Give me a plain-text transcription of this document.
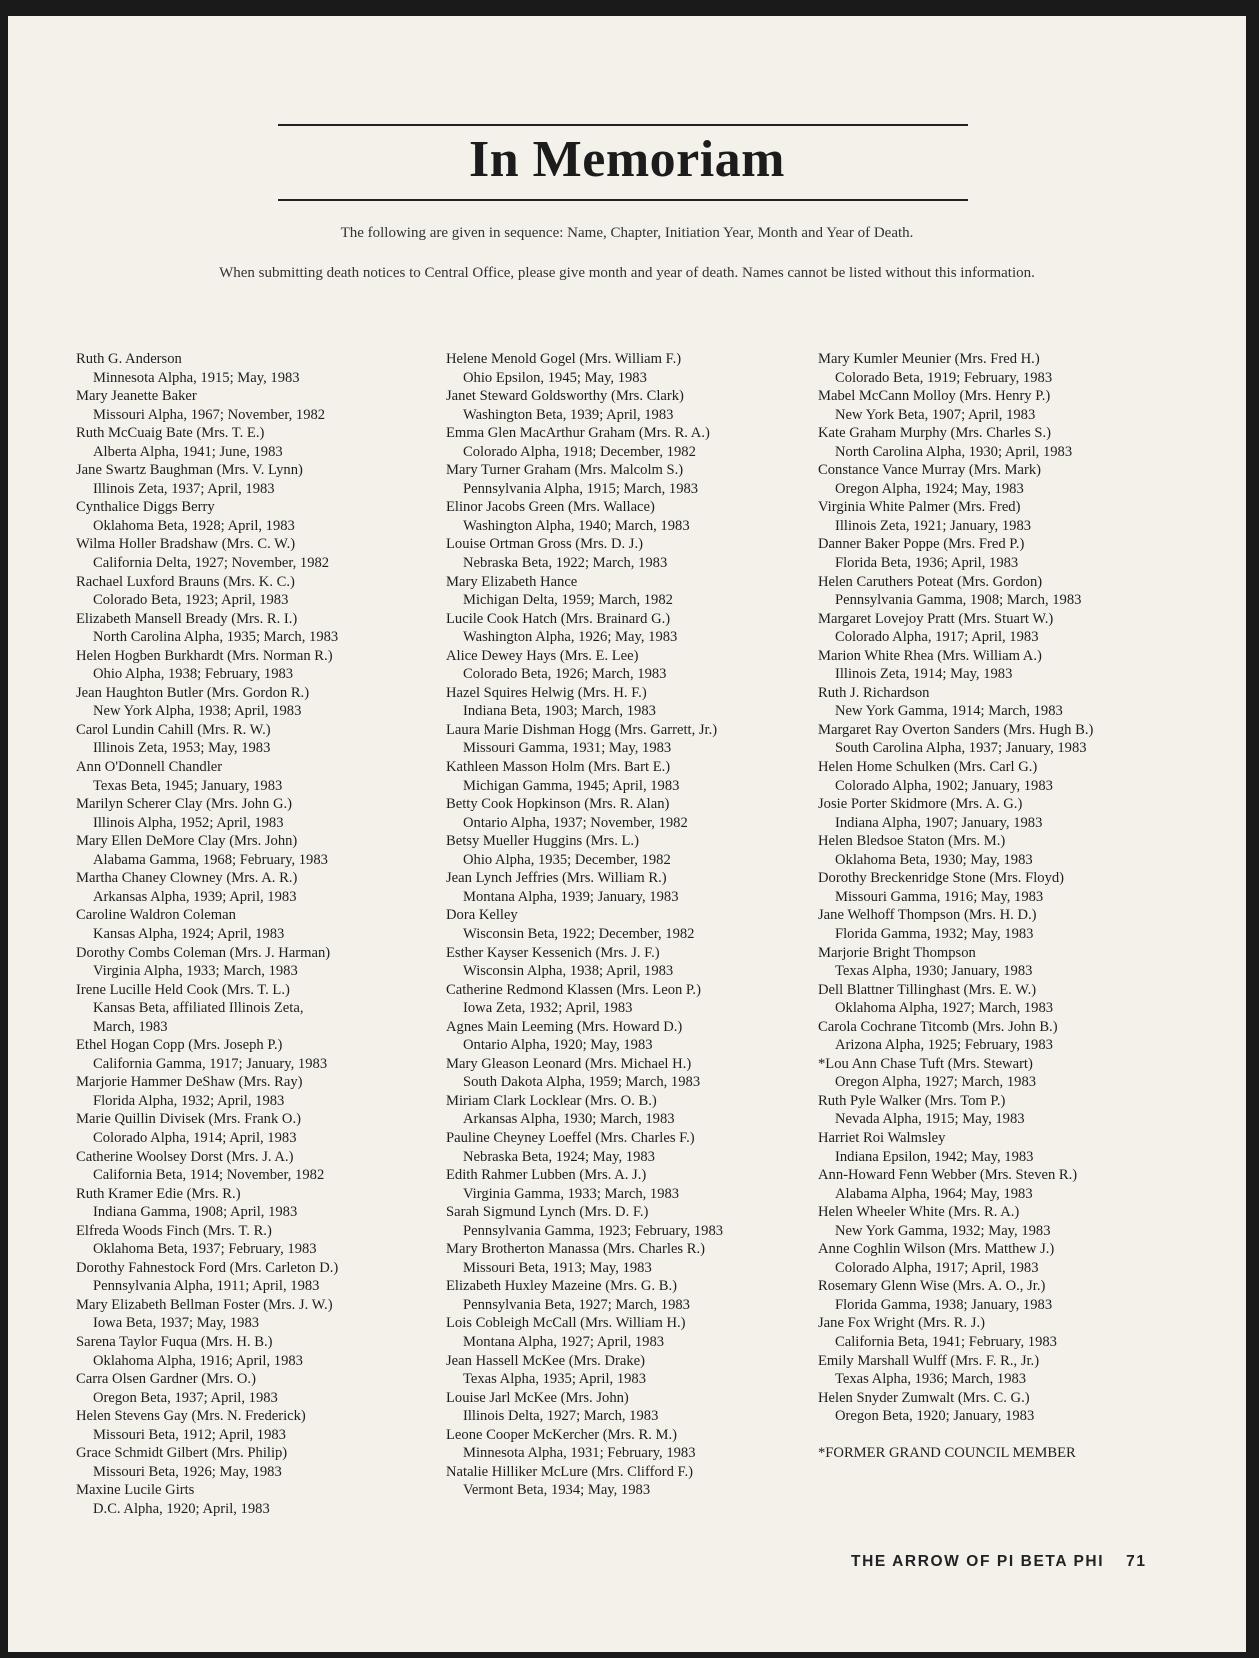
In Memoriam
The following are given in sequence: Name, Chapter, Initiation Year, Month and Year of Death.
When submitting death notices to Central Office, please give month and year of death. Names cannot be listed without this information.
Ruth G. Anderson
Minnesota Alpha, 1915; May, 1983
Mary Jeanette Baker
Missouri Alpha, 1967; November, 1982
Ruth McCuaig Bate (Mrs. T. E.)
Alberta Alpha, 1941; June, 1983
Jane Swartz Baughman (Mrs. V. Lynn)
Illinois Zeta, 1937; April, 1983
Cynthalice Diggs Berry
Oklahoma Beta, 1928; April, 1983
Wilma Holler Bradshaw (Mrs. C. W.)
California Delta, 1927; November, 1982
Rachael Luxford Brauns (Mrs. K. C.)
Colorado Beta, 1923; April, 1983
Elizabeth Mansell Bready (Mrs. R. I.)
North Carolina Alpha, 1935; March, 1983
Helen Hogben Burkhardt (Mrs. Norman R.)
Ohio Alpha, 1938; February, 1983
Jean Haughton Butler (Mrs. Gordon R.)
New York Alpha, 1938; April, 1983
Carol Lundin Cahill (Mrs. R. W.)
Illinois Zeta, 1953; May, 1983
Ann O'Donnell Chandler
Texas Beta, 1945; January, 1983
Marilyn Scherer Clay (Mrs. John G.)
Illinois Alpha, 1952; April, 1983
Mary Ellen DeMore Clay (Mrs. John)
Alabama Gamma, 1968; February, 1983
Martha Chaney Clowney (Mrs. A. R.)
Arkansas Alpha, 1939; April, 1983
Caroline Waldron Coleman
Kansas Alpha, 1924; April, 1983
Dorothy Combs Coleman (Mrs. J. Harman)
Virginia Alpha, 1933; March, 1983
Irene Lucille Held Cook (Mrs. T. L.)
Kansas Beta, affiliated Illinois Zeta,
March, 1983
Ethel Hogan Copp (Mrs. Joseph P.)
California Gamma, 1917; January, 1983
Marjorie Hammer DeShaw (Mrs. Ray)
Florida Alpha, 1932; April, 1983
Marie Quillin Divisek (Mrs. Frank O.)
Colorado Alpha, 1914; April, 1983
Catherine Woolsey Dorst (Mrs. J. A.)
California Beta, 1914; November, 1982
Ruth Kramer Edie (Mrs. R.)
Indiana Gamma, 1908; April, 1983
Elfreda Woods Finch (Mrs. T. R.)
Oklahoma Beta, 1937; February, 1983
Dorothy Fahnestock Ford (Mrs. Carleton D.)
Pennsylvania Alpha, 1911; April, 1983
Mary Elizabeth Bellman Foster (Mrs. J. W.)
Iowa Beta, 1937; May, 1983
Sarena Taylor Fuqua (Mrs. H. B.)
Oklahoma Alpha, 1916; April, 1983
Carra Olsen Gardner (Mrs. O.)
Oregon Beta, 1937; April, 1983
Helen Stevens Gay (Mrs. N. Frederick)
Missouri Beta, 1912; April, 1983
Grace Schmidt Gilbert (Mrs. Philip)
Missouri Beta, 1926; May, 1983
Maxine Lucile Girts
D.C. Alpha, 1920; April, 1983
Helene Menold Gogel (Mrs. William F.)
Ohio Epsilon, 1945; May, 1983
Janet Steward Goldsworthy (Mrs. Clark)
Washington Beta, 1939; April, 1983
Emma Glen MacArthur Graham (Mrs. R. A.)
Colorado Alpha, 1918; December, 1982
Mary Turner Graham (Mrs. Malcolm S.)
Pennsylvania Alpha, 1915; March, 1983
Elinor Jacobs Green (Mrs. Wallace)
Washington Alpha, 1940; March, 1983
Louise Ortman Gross (Mrs. D. J.)
Nebraska Beta, 1922; March, 1983
Mary Elizabeth Hance
Michigan Delta, 1959; March, 1982
Lucile Cook Hatch (Mrs. Brainard G.)
Washington Alpha, 1926; May, 1983
Alice Dewey Hays (Mrs. E. Lee)
Colorado Beta, 1926; March, 1983
Hazel Squires Helwig (Mrs. H. F.)
Indiana Beta, 1903; March, 1983
Laura Marie Dishman Hogg (Mrs. Garrett, Jr.)
Missouri Gamma, 1931; May, 1983
Kathleen Masson Holm (Mrs. Bart E.)
Michigan Gamma, 1945; April, 1983
Betty Cook Hopkinson (Mrs. R. Alan)
Ontario Alpha, 1937; November, 1982
Betsy Mueller Huggins (Mrs. L.)
Ohio Alpha, 1935; December, 1982
Jean Lynch Jeffries (Mrs. William R.)
Montana Alpha, 1939; January, 1983
Dora Kelley
Wisconsin Beta, 1922; December, 1982
Esther Kayser Kessenich (Mrs. J. F.)
Wisconsin Alpha, 1938; April, 1983
Catherine Redmond Klassen (Mrs. Leon P.)
Iowa Zeta, 1932; April, 1983
Agnes Main Leeming (Mrs. Howard D.)
Ontario Alpha, 1920; May, 1983
Mary Gleason Leonard (Mrs. Michael H.)
South Dakota Alpha, 1959; March, 1983
Miriam Clark Locklear (Mrs. O. B.)
Arkansas Alpha, 1930; March, 1983
Pauline Cheyney Loeffel (Mrs. Charles F.)
Nebraska Beta, 1924; May, 1983
Edith Rahmer Lubben (Mrs. A. J.)
Virginia Gamma, 1933; March, 1983
Sarah Sigmund Lynch (Mrs. D. F.)
Pennsylvania Gamma, 1923; February, 1983
Mary Brotherton Manassa (Mrs. Charles R.)
Missouri Beta, 1913; May, 1983
Elizabeth Huxley Mazeine (Mrs. G. B.)
Pennsylvania Beta, 1927; March, 1983
Lois Cobleigh McCall (Mrs. William H.)
Montana Alpha, 1927; April, 1983
Jean Hassell McKee (Mrs. Drake)
Texas Alpha, 1935; April, 1983
Louise Jarl McKee (Mrs. John)
Illinois Delta, 1927; March, 1983
Leone Cooper McKercher (Mrs. R. M.)
Minnesota Alpha, 1931; February, 1983
Natalie Hilliker McLure (Mrs. Clifford F.)
Vermont Beta, 1934; May, 1983
Mary Kumler Meunier (Mrs. Fred H.)
Colorado Beta, 1919; February, 1983
Mabel McCann Molloy (Mrs. Henry P.)
New York Beta, 1907; April, 1983
Kate Graham Murphy (Mrs. Charles S.)
North Carolina Alpha, 1930; April, 1983
Constance Vance Murray (Mrs. Mark)
Oregon Alpha, 1924; May, 1983
Virginia White Palmer (Mrs. Fred)
Illinois Zeta, 1921; January, 1983
Danner Baker Poppe (Mrs. Fred P.)
Florida Beta, 1936; April, 1983
Helen Caruthers Poteat (Mrs. Gordon)
Pennsylvania Gamma, 1908; March, 1983
Margaret Lovejoy Pratt (Mrs. Stuart W.)
Colorado Alpha, 1917; April, 1983
Marion White Rhea (Mrs. William A.)
Illinois Zeta, 1914; May, 1983
Ruth J. Richardson
New York Gamma, 1914; March, 1983
Margaret Ray Overton Sanders (Mrs. Hugh B.)
South Carolina Alpha, 1937; January, 1983
Helen Home Schulken (Mrs. Carl G.)
Colorado Alpha, 1902; January, 1983
Josie Porter Skidmore (Mrs. A. G.)
Indiana Alpha, 1907; January, 1983
Helen Bledsoe Staton (Mrs. M.)
Oklahoma Beta, 1930; May, 1983
Dorothy Breckenridge Stone (Mrs. Floyd)
Missouri Gamma, 1916; May, 1983
Jane Welhoff Thompson (Mrs. H. D.)
Florida Gamma, 1932; May, 1983
Marjorie Bright Thompson
Texas Alpha, 1930; January, 1983
Dell Blattner Tillinghast (Mrs. E. W.)
Oklahoma Alpha, 1927; March, 1983
Carola Cochrane Titcomb (Mrs. John B.)
Arizona Alpha, 1925; February, 1983
*Lou Ann Chase Tuft (Mrs. Stewart)
Oregon Alpha, 1927; March, 1983
Ruth Pyle Walker (Mrs. Tom P.)
Nevada Alpha, 1915; May, 1983
Harriet Roi Walmsley
Indiana Epsilon, 1942; May, 1983
Ann-Howard Fenn Webber (Mrs. Steven R.)
Alabama Alpha, 1964; May, 1983
Helen Wheeler White (Mrs. R. A.)
New York Gamma, 1932; May, 1983
Anne Coghlin Wilson (Mrs. Matthew J.)
Colorado Alpha, 1917; April, 1983
Rosemary Glenn Wise (Mrs. A. O., Jr.)
Florida Gamma, 1938; January, 1983
Jane Fox Wright (Mrs. R. J.)
California Beta, 1941; February, 1983
Emily Marshall Wulff (Mrs. F. R., Jr.)
Texas Alpha, 1936; March, 1983
Helen Snyder Zumwalt (Mrs. C. G.)
Oregon Beta, 1920; January, 1983
*FORMER GRAND COUNCIL MEMBER
THE ARROW OF PI BETA PHI 71
